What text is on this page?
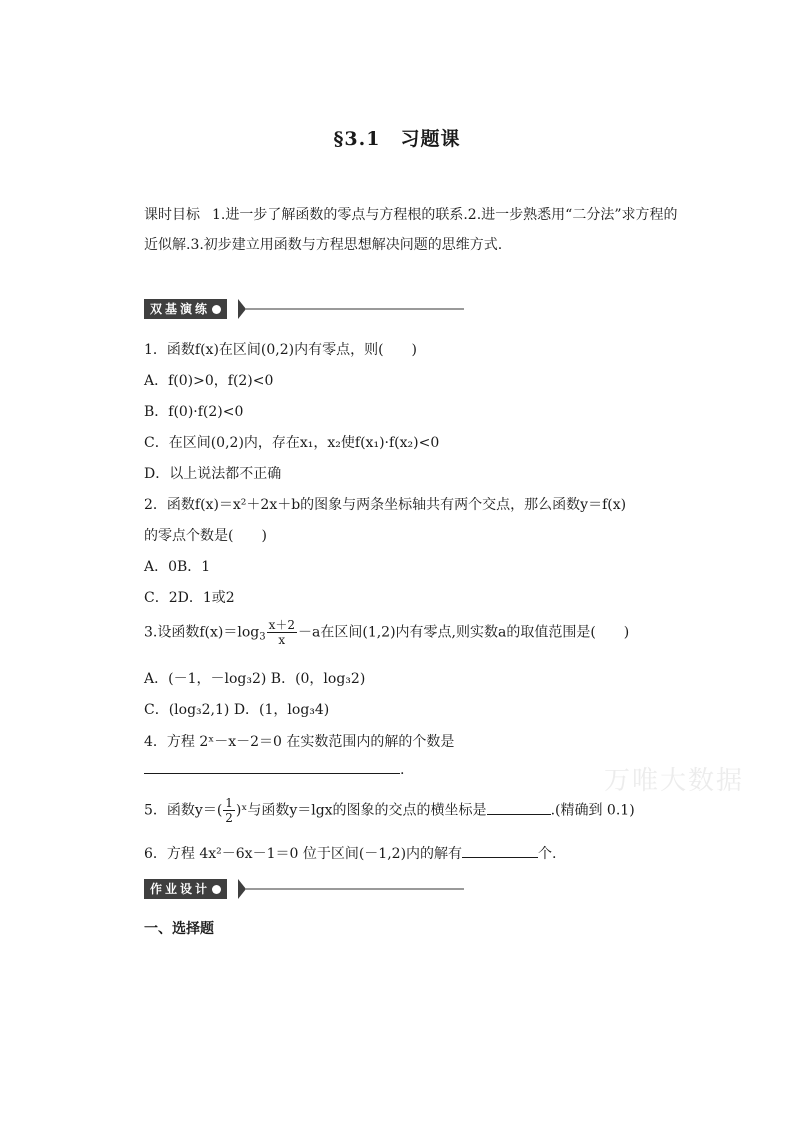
§3.1　习题课
课时目标 1.进一步了解函数的零点与方程根的联系.2.进一步熟悉用“二分法”求方程的近似解.3.初步建立用函数与方程思想解决问题的思维方式.
双基演练
1．函数f(x)在区间(0,2)内有零点，则(　　)
A．f(0)>0，f(2)<0
B．f(0)·f(2)<0
C．在区间(0,2)内，存在x₁，x₂使f(x₁)·f(x₂)<0
D．以上说法都不正确
2．函数f(x)＝x²＋2x＋b的图象与两条坐标轴共有两个交点，那么函数y＝f(x)
的零点个数是(　　)
A．0B．1
C．2D．1或2
3.设函数$f(x)=\log_3 \frac{x+2}{x} -a$在区间(1,2)内有零点,则实数a的取值范围是(　　)
A．(－1，－log₃2) B．(0，log₃2)
C．(log₃2,1) D．(1，log₃4)
4．方程 2ˣ－x－2＝0 在实数范围内的解的个数是
.	万唯大数据
5．函数$y=( \frac{1}{2}$ )ˣ与函数y＝lgx的图象的交点的横坐标是	.(精确到 0.1)
6．方程 4x²－6x－1＝0 位于区间(－1,2)内的解有	个.
作业设计
一、选择题
